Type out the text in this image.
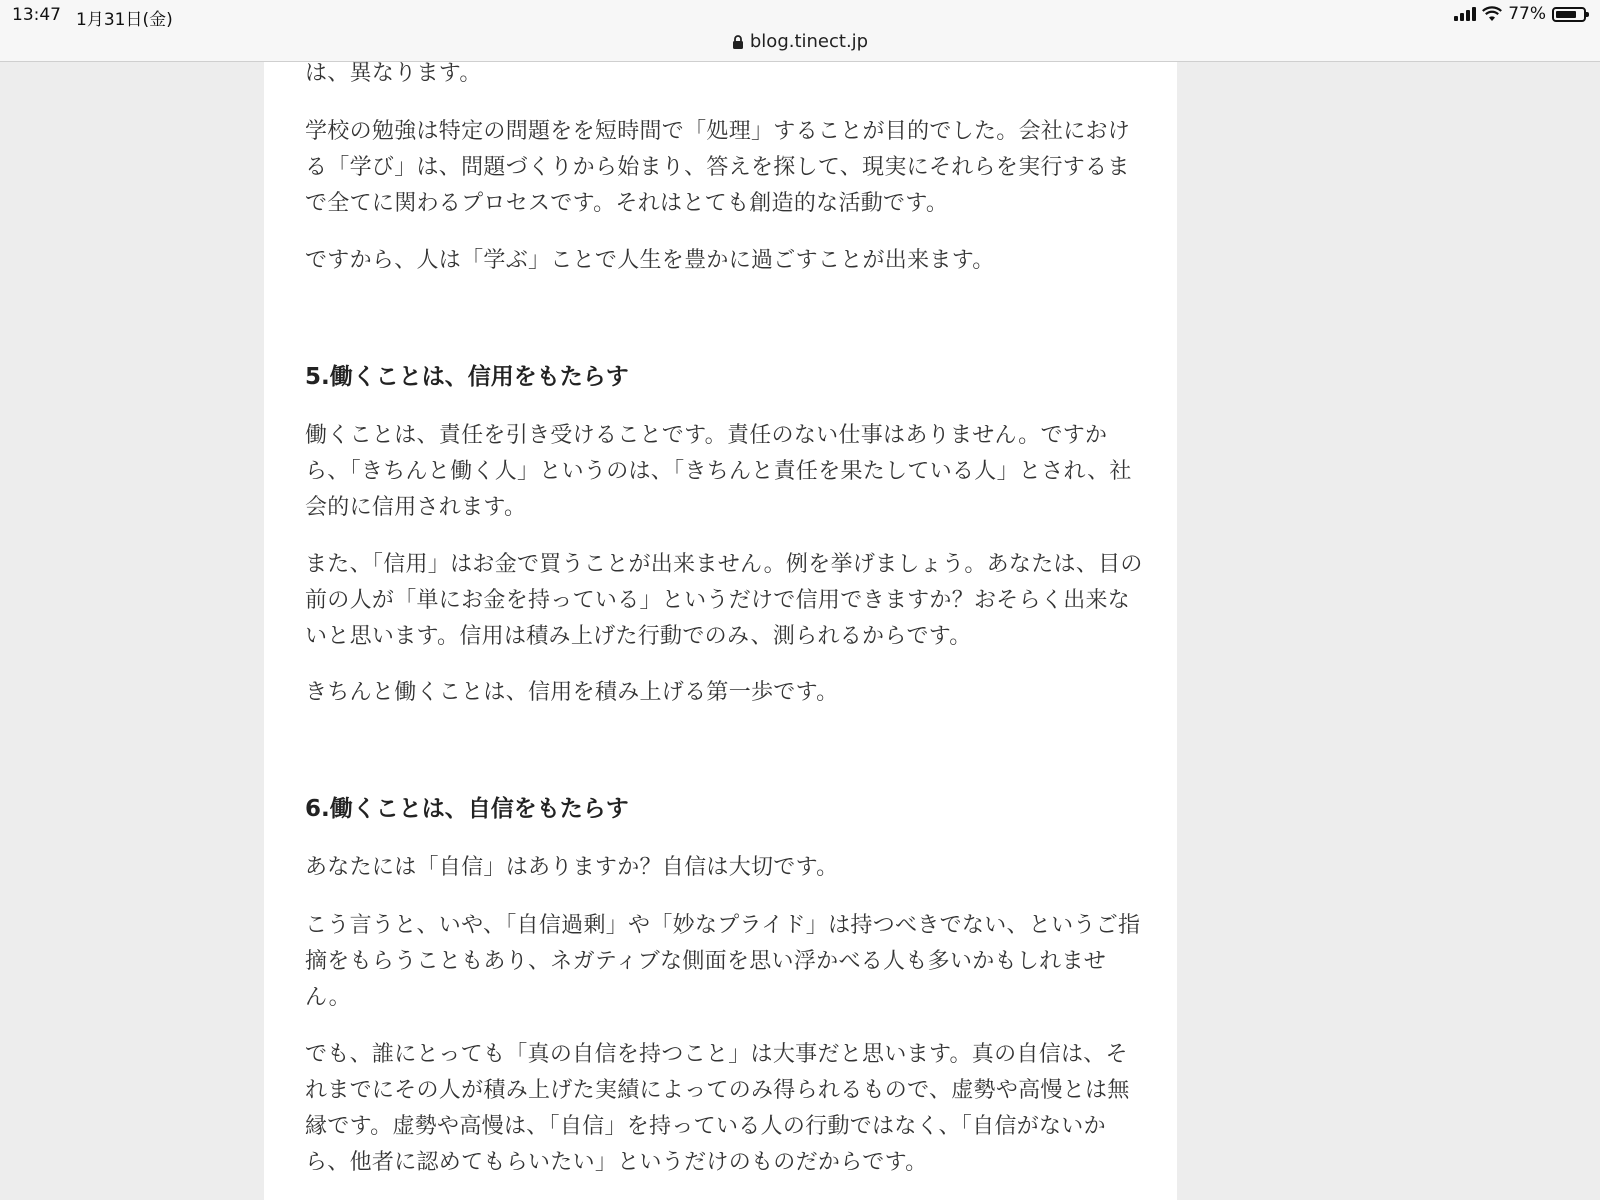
13:47 1月31日(金)	77%
blog.tinect.jp

は、異なります。

学校の勉強は特定の問題をを短時間で「処理」することが目的でした。会社における「学び」は、問題づくりから始まり、答えを探して、現実にそれらを実行するまで全てに関わるプロセスです。それはとても創造的な活動です。

ですから、人は「学ぶ」ことで人生を豊かに過ごすことが出来ます。

5.働くことは、信用をもたらす

働くことは、責任を引き受けることです。責任のない仕事はありません。ですから、「きちんと働く人」というのは、「きちんと責任を果たしている人」とされ、社会的に信用されます。

また、「信用」はお金で買うことが出来ません。例を挙げましょう。あなたは、目の前の人が「単にお金を持っている」というだけで信用できますか？おそらく出来ないと思います。信用は積み上げた行動でのみ、測られるからです。

きちんと働くことは、信用を積み上げる第一歩です。

6.働くことは、自信をもたらす

あなたには「自信」はありますか？自信は大切です。

こう言うと、いや、「自信過剰」や「妙なプライド」は持つべきでない、というご指摘をもらうこともあり、ネガティブな側面を思い浮かべる人も多いかもしれません。

でも、誰にとっても「真の自信を持つこと」は大事だと思います。真の自信は、それまでにその人が積み上げた実績によってのみ得られるもので、虚勢や高慢とは無縁です。虚勢や高慢は、「自信」を持っている人の行動ではなく、「自信がないから、他者に認めてもらいたい」というだけのものだからです。
